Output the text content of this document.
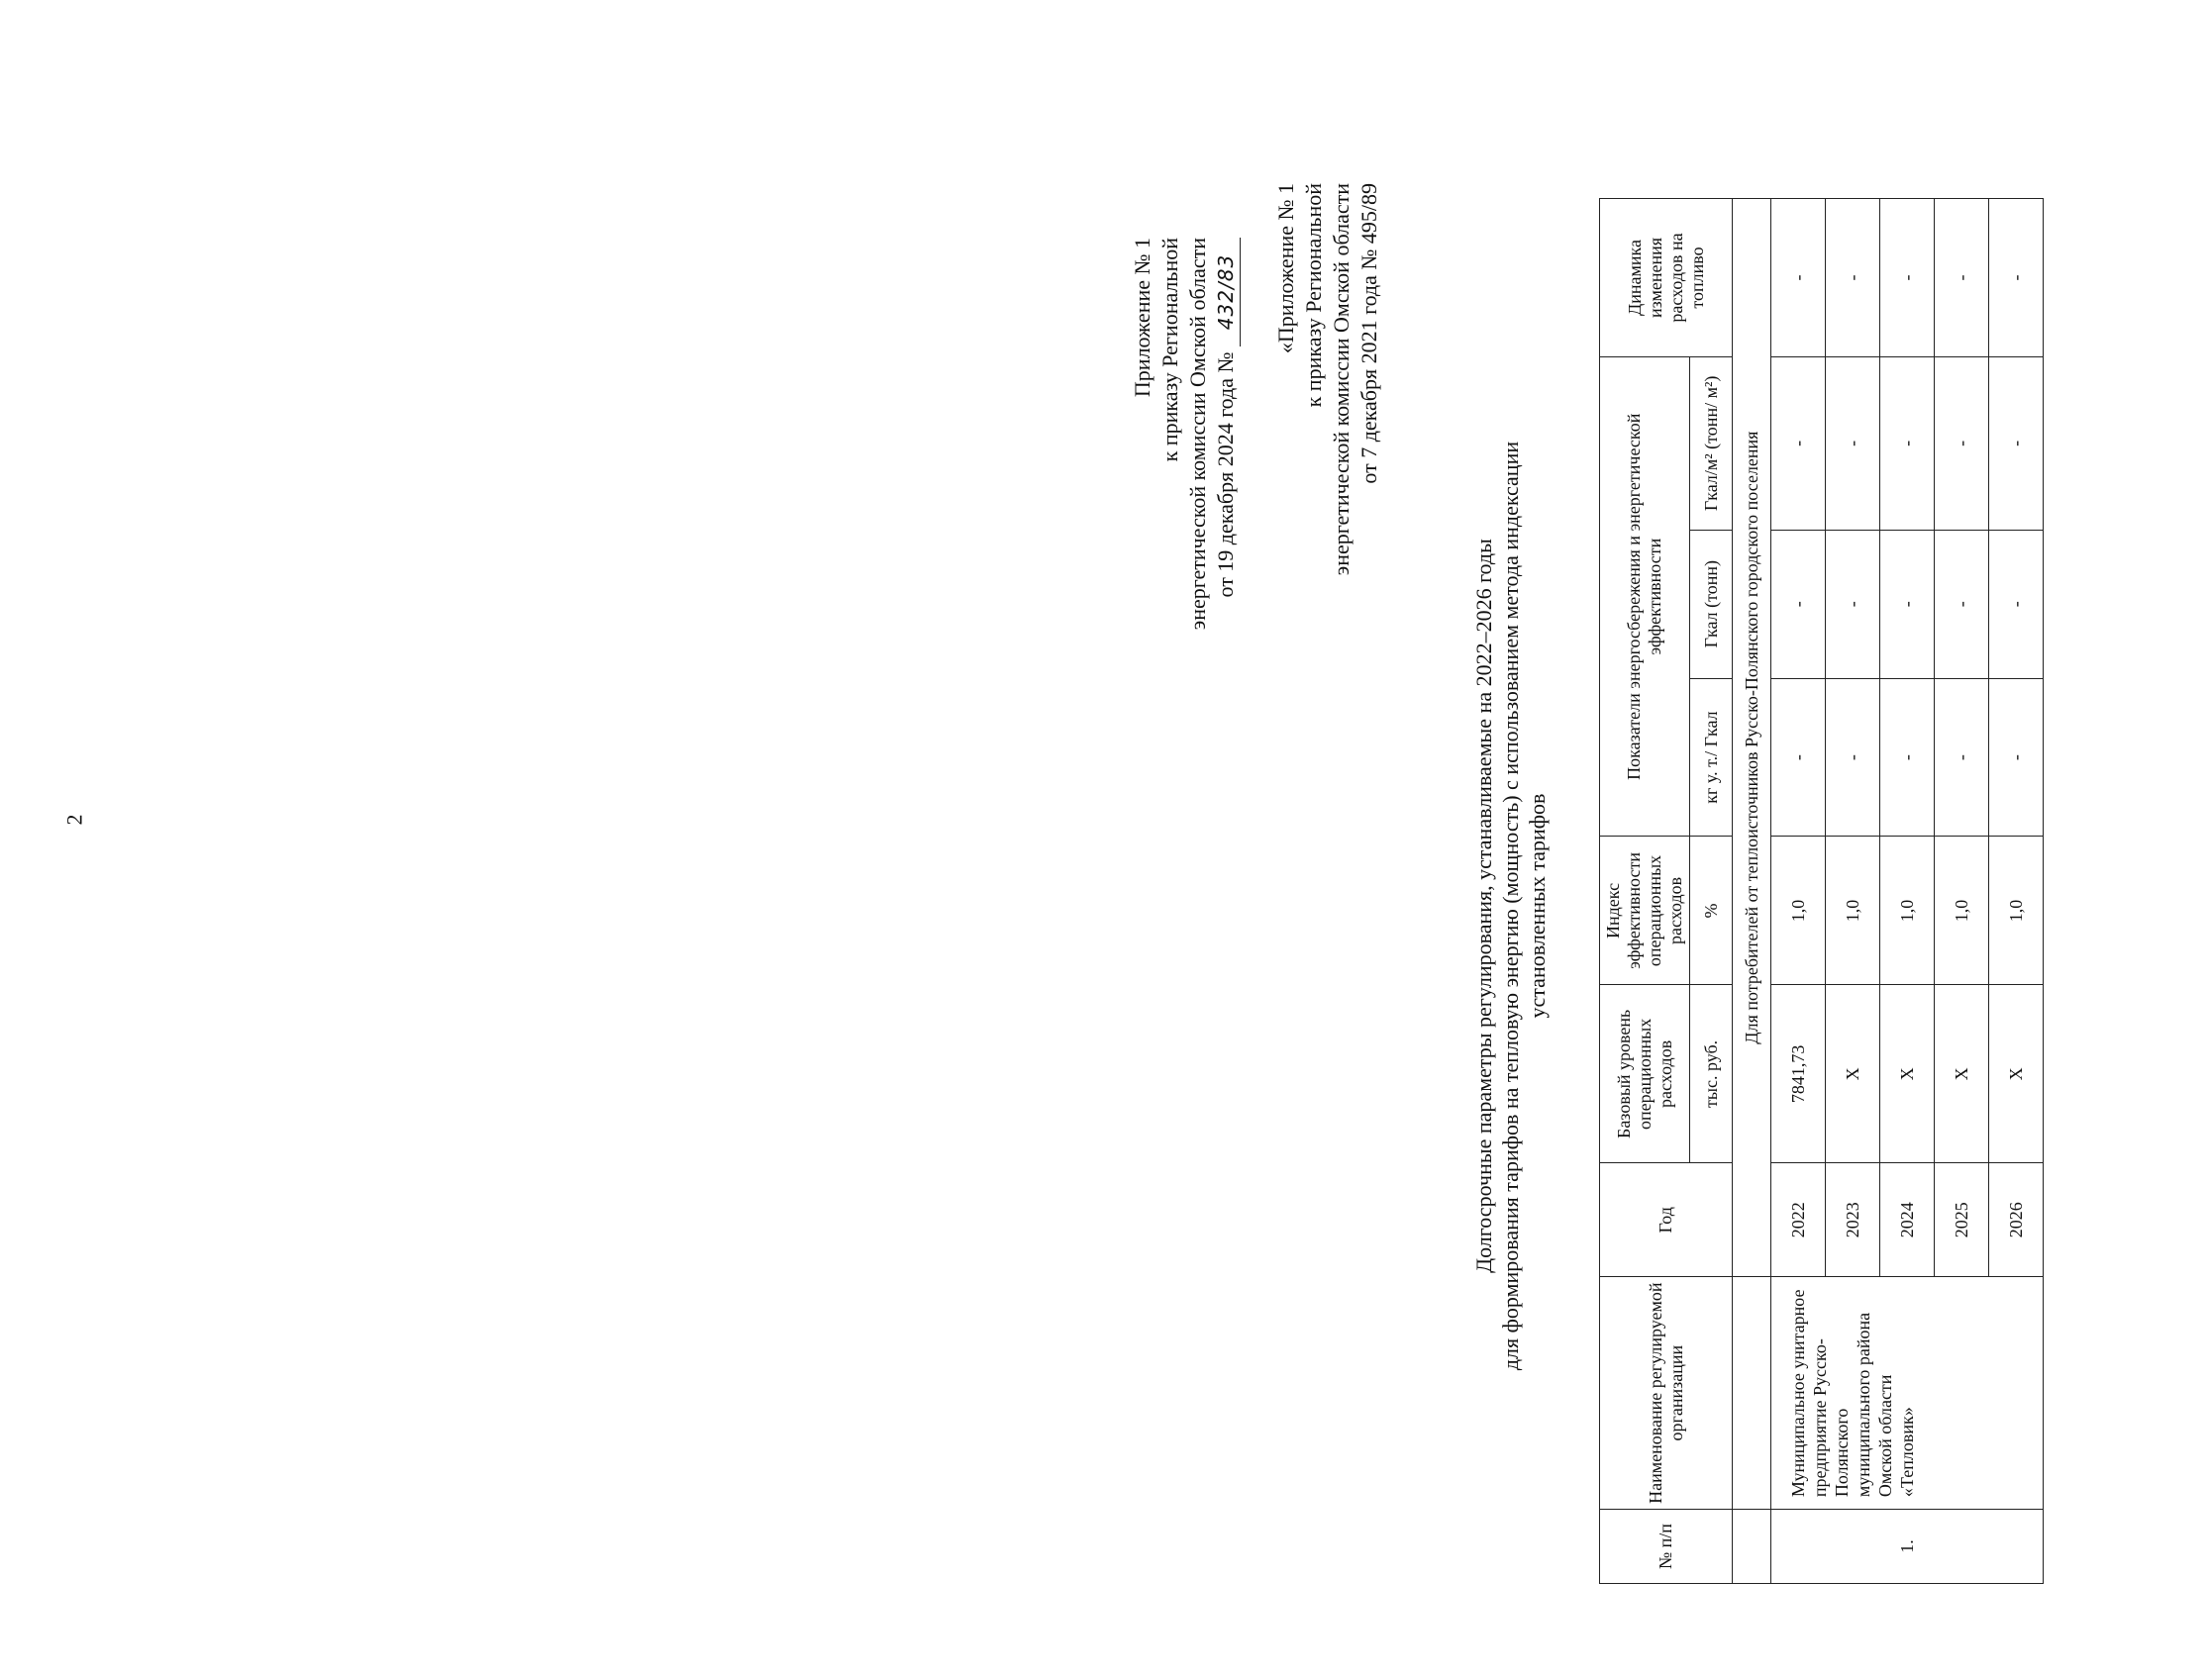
2
Приложение № 1 к приказу Региональной энергетической комиссии Омской области от 19 декабря 2024 года № 432/83 «Приложение № 1 к приказу Региональной энергетической комиссии Омской области от 7 декабря 2021 года № 495/89
Долгосрочные параметры регулирования, устанавливаемые на 2022–2026 годы для формирования тарифов на тепловую энергию (мощность) с использованием метода индексации установленных тарифов
№ п/п	Наименование регулируемой организации	Год	Базовый уровень операционных расходов	Индекс эффективности операционных расходов	Показатели энергосбережения и энергетической эффективности			Динамика изменения расходов на топливо
			тыс. руб.	%	кг у. т./ Гкал	Гкал (тонн)	Гкал/м² (тонн/ м²)	
		Для потребителей от теплоисточников Русско-Полянского городского поселения						
1.	Муниципальное унитарное предприятие Русско-Полянского муниципального района Омской области «Тепловик»	2022	7841,73	1,0	-	-	-	-
		2023	Х	1,0	-	-	-	-
		2024	Х	1,0	-	-	-	-
		2025	Х	1,0	-	-	-	-
		2026	Х	1,0	-	-	-	-
